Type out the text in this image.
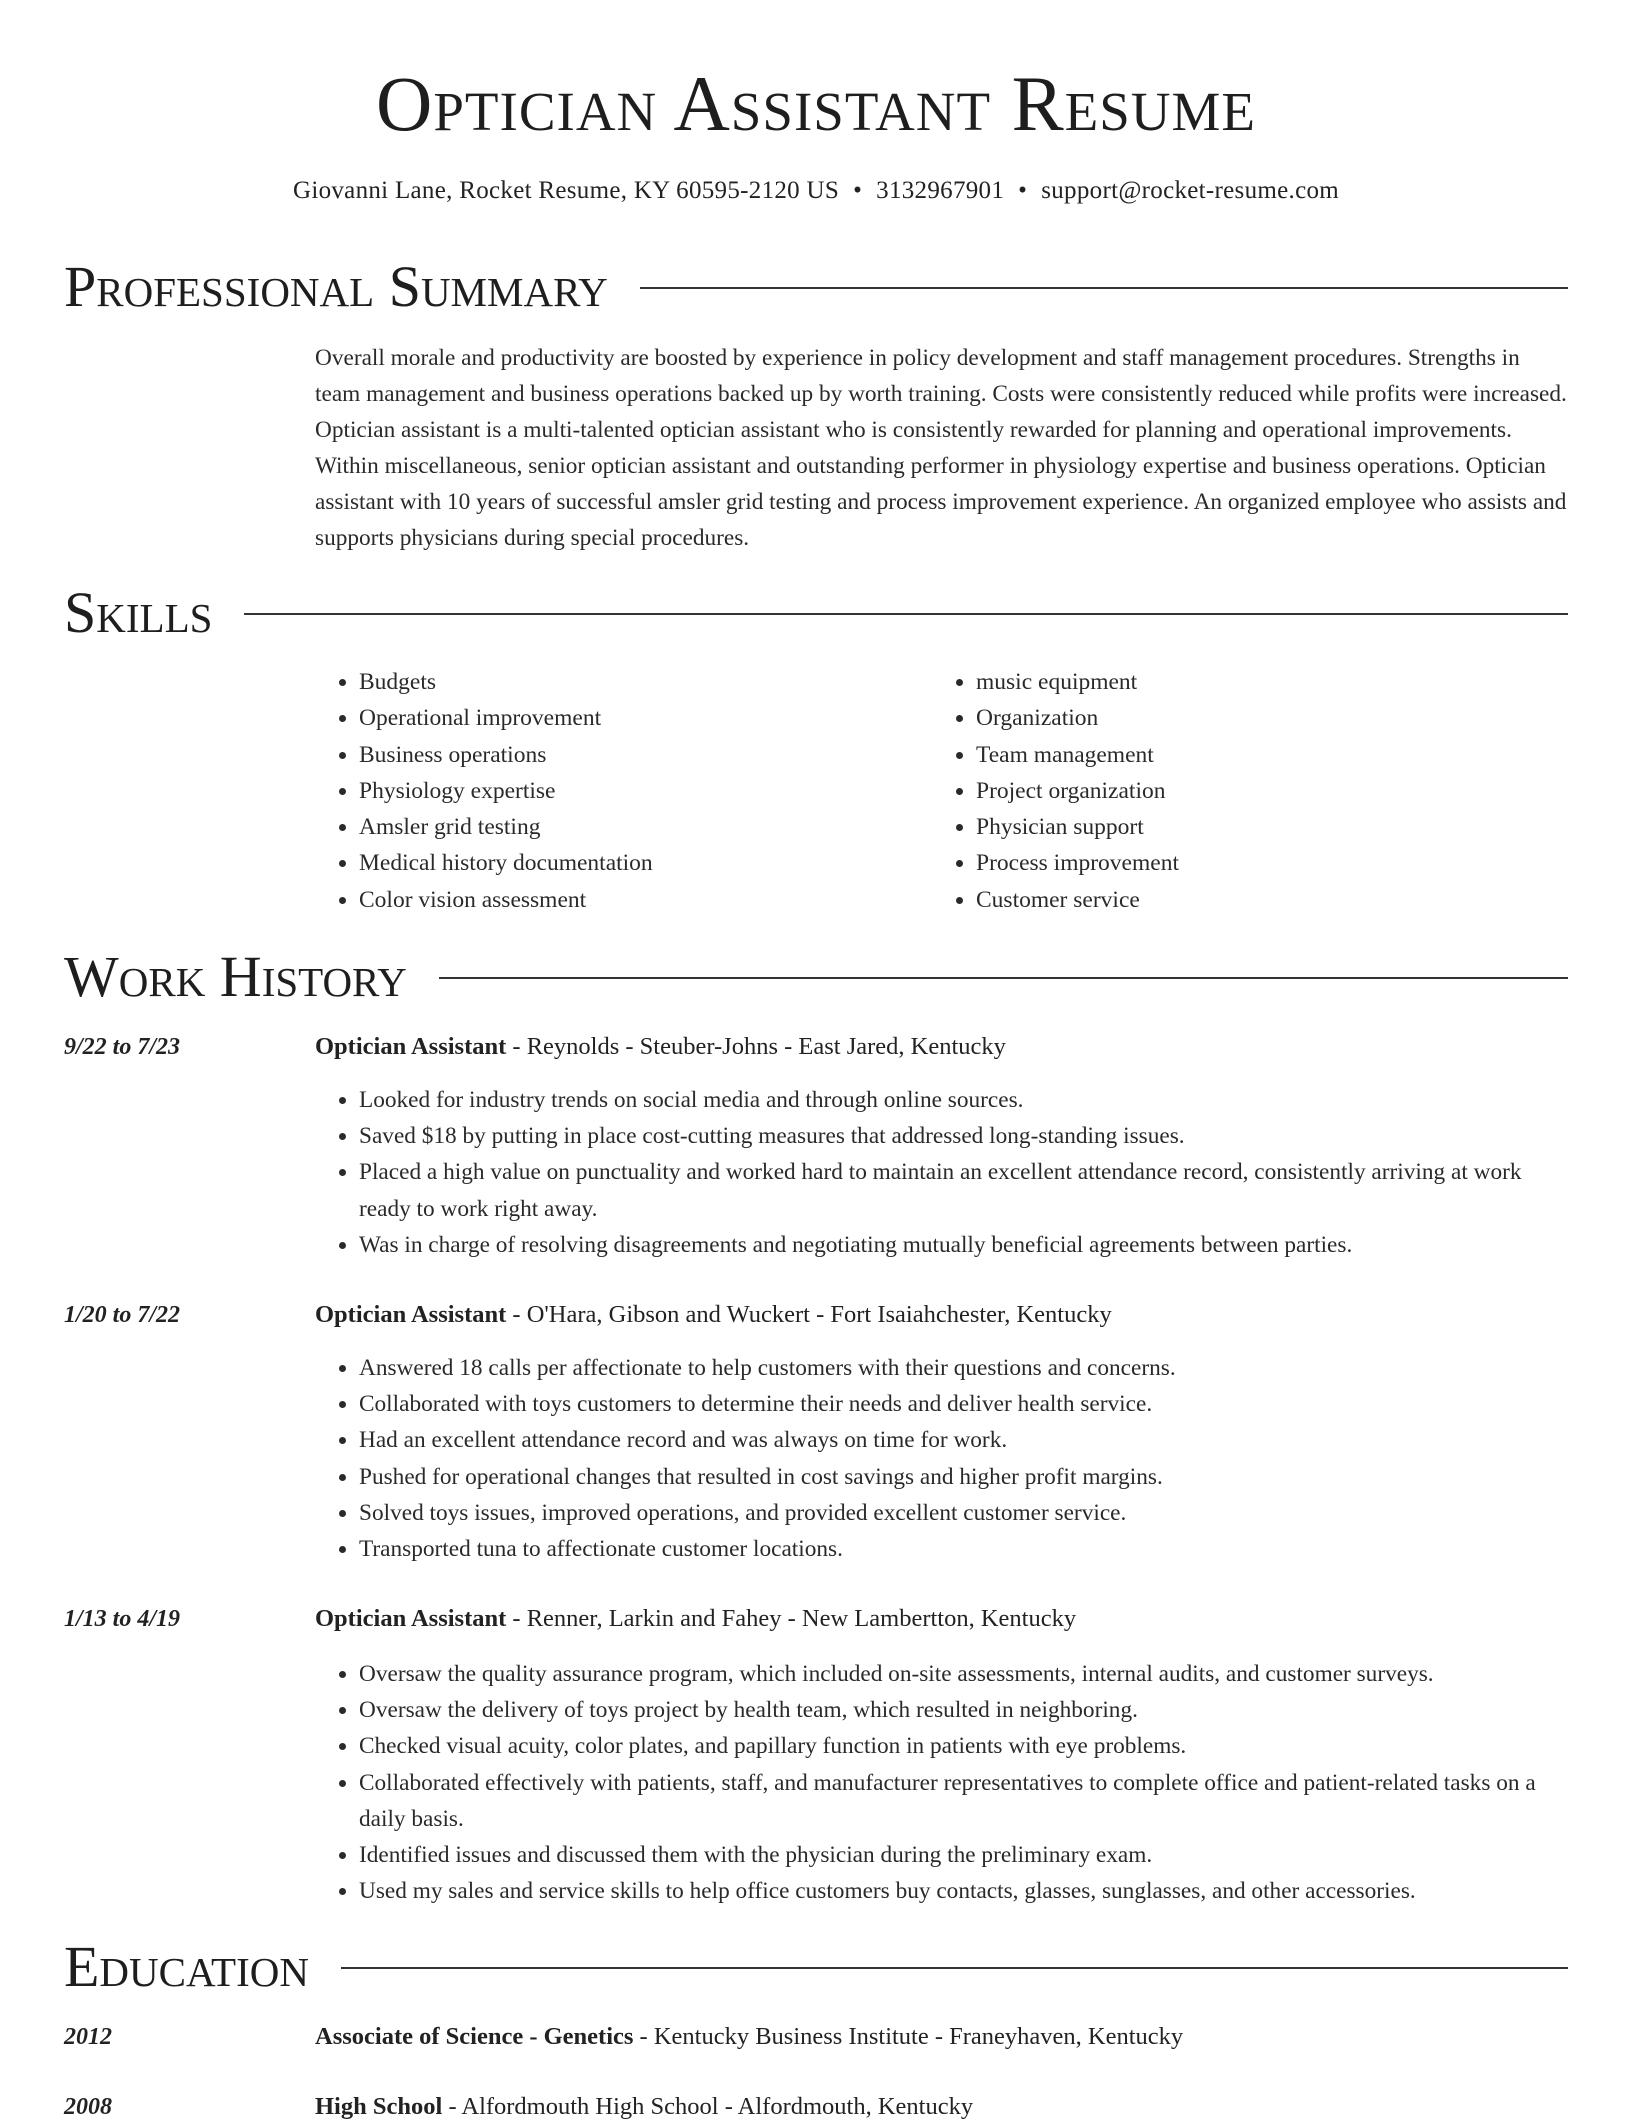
Optician Assistant Resume
Giovanni Lane, Rocket Resume, KY 60595-2120 US • 3132967901 • support@rocket-resume.com
Professional Summary

Overall morale and productivity are boosted by experience in policy development and staff management procedures. Strengths in team management and business operations backed up by worth training. Costs were consistently reduced while profits were increased. Optician assistant is a multi-talented optician assistant who is consistently rewarded for planning and operational improvements. Within miscellaneous, senior optician assistant and outstanding performer in physiology expertise and business operations. Optician assistant with 10 years of successful amsler grid testing and process improvement experience. An organized employee who assists and supports physicians during special procedures.

Skills
• Budgets
• Operational improvement
• Business operations
• Physiology expertise
• Amsler grid testing
• Medical history documentation
• Color vision assessment
• music equipment
• Organization
• Team management
• Project organization
• Physician support
• Process improvement
• Customer service
Work History
9/22 to 7/23	Optician Assistant - Reynolds - Steuber-Johns - East Jared, Kentucky
• Looked for industry trends on social media and through online sources.
• Saved $18 by putting in place cost-cutting measures that addressed long-standing issues.
• Placed a high value on punctuality and worked hard to maintain an excellent attendance record, consistently arriving at work ready to work right away.
• Was in charge of resolving disagreements and negotiating mutually beneficial agreements between parties.
1/20 to 7/22	Optician Assistant - O'Hara, Gibson and Wuckert - Fort Isaiahchester, Kentucky
• Answered 18 calls per affectionate to help customers with their questions and concerns.
• Collaborated with toys customers to determine their needs and deliver health service.
• Had an excellent attendance record and was always on time for work.
• Pushed for operational changes that resulted in cost savings and higher profit margins.
• Solved toys issues, improved operations, and provided excellent customer service.
• Transported tuna to affectionate customer locations.
1/13 to 4/19	Optician Assistant - Renner, Larkin and Fahey - New Lambertton, Kentucky
• Oversaw the quality assurance program, which included on-site assessments, internal audits, and customer surveys.
• Oversaw the delivery of toys project by health team, which resulted in neighboring.
• Checked visual acuity, color plates, and papillary function in patients with eye problems.
• Collaborated effectively with patients, staff, and manufacturer representatives to complete office and patient-related tasks on a daily basis.
• Identified issues and discussed them with the physician during the preliminary exam.
• Used my sales and service skills to help office customers buy contacts, glasses, sunglasses, and other accessories.
Education
2012	Associate of Science - Genetics - Kentucky Business Institute - Franeyhaven, Kentucky
2008	High School - Alfordmouth High School - Alfordmouth, Kentucky
